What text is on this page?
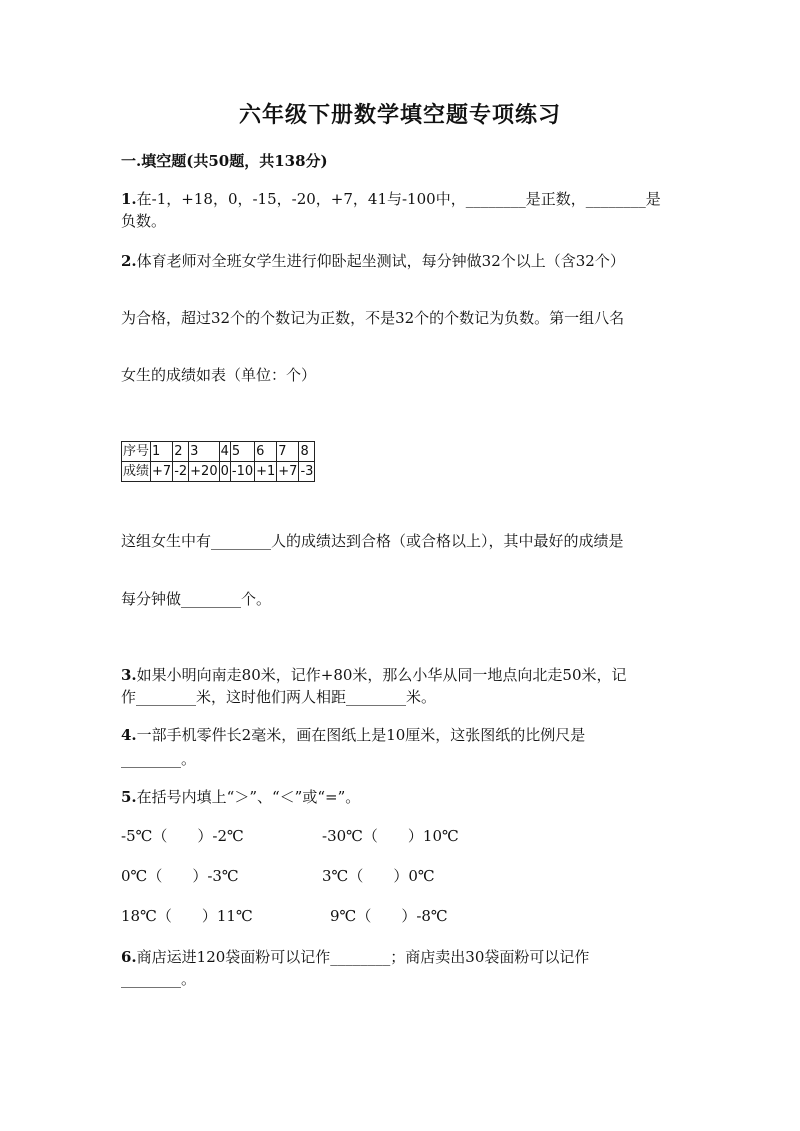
六年级下册数学填空题专项练习
一.填空题(共50题，共138分)
1.在-1，+18，0，-15，-20，+7，41与-100中，________是正数，________是
负数。
2.体育老师对全班女学生进行仰卧起坐测试，每分钟做32个以上（含32个）
为合格，超过32个的个数记为正数，不是32个的个数记为负数。第一组八名
女生的成绩如表（单位：个）
序号	1	2	3	4	5	6	7	8
成绩	+7	-2	+20	0	-10	+1	+7	-3
这组女生中有________人的成绩达到合格（或合格以上），其中最好的成绩是
每分钟做________个。
3.如果小明向南走80米，记作+80米，那么小华从同一地点向北走50米，记
作________米，这时他们两人相距________米。
4.一部手机零件长2毫米，画在图纸上是10厘米，这张图纸的比例尺是
________。
5.在括号内填上“＞”、“＜”或“=”。
-5℃（　　）-2℃	-30℃（　　）10℃
0℃（　　）-3℃	3℃（　　）0℃
18℃（　　）11℃	9℃（　　）-8℃
6.商店运进120袋面粉可以记作________；商店卖出30袋面粉可以记作
________。
